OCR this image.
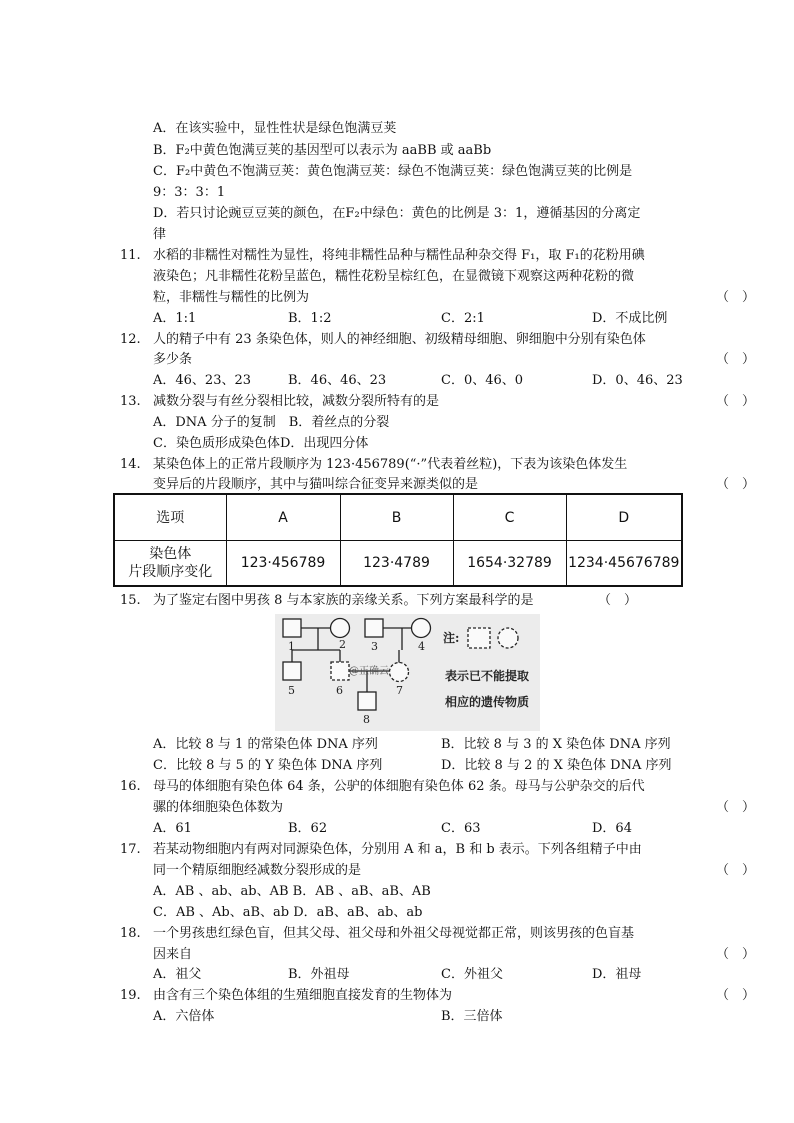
A．在该实验中，显性性状是绿色饱满豆荚
B．F₂中黄色饱满豆荚的基因型可以表示为 aaBB 或 aaBb
C．F₂中黄色不饱满豆荚：黄色饱满豆荚：绿色不饱满豆荚：绿色饱满豆荚的比例是
9：3：3：1
D．若只讨论豌豆豆荚的颜色，在F₂中绿色：黄色的比例是 3：1，遵循基因的分离定
律
11. 水稻的非糯性对糯性为显性，将纯非糯性品种与糯性品种杂交得 F₁，取 F₁的花粉用碘
液染色；凡非糯性花粉呈蓝色，糯性花粉呈棕红色，在显微镜下观察这两种花粉的微
粒，非糯性与糯性的比例为	（　）
A．1:1	B．1:2	C．2:1	D．不成比例
12. 人的精子中有 23 条染色体，则人的神经细胞、初级精母细胞、卵细胞中分别有染色体
多少条	（　）
A．46、23、23	B．46、46、23	C．0、46、0	D．0、46、23
13. 减数分裂与有丝分裂相比较，减数分裂所特有的是	（　）
A．DNA 分子的复制　B．着丝点的分裂
C．染色质形成染色体D．出现四分体
14. 某染色体上的正常片段顺序为 123·456789(“·”代表着丝粒)，下表为该染色体发生
变异后的片段顺序，其中与猫叫综合征变异来源类似的是	（　）
选项	A	B	C	D
染色体
片段顺序变化	123·456789	123·4789	1654·32789	1234·45676789
15. 为了鉴定右图中男孩 8 与本家族的亲缘关系。下列方案最科学的是	（　）
1	2 3	4
5	6	7
8
@正确云
注:
表示已不能提取
相应的遗传物质
A．比较 8 与 1 的常染色体 DNA 序列	B．比较 8 与 3 的 X 染色体 DNA 序列
C．比较 8 与 5 的 Y 染色体 DNA 序列	D．比较 8 与 2 的 X 染色体 DNA 序列
16. 母马的体细胞有染色体 64 条，公驴的体细胞有染色体 62 条。母马与公驴杂交的后代
骡的体细胞染色体数为	（　）
A．61	B．62	C．63	D．64
17. 若某动物细胞内有两对同源染色体，分别用 A 和 a，B 和 b 表示。下列各组精子中由
同一个精原细胞经减数分裂形成的是	（　）
A．AB 、ab、ab、AB B．AB 、aB、aB、AB
C．AB 、Ab、aB、ab D．aB、aB、ab、ab
18. 一个男孩患红绿色盲，但其父母、祖父母和外祖父母视觉都正常，则该男孩的色盲基
因来自	（　）
A．祖父	B．外祖母	C．外祖父	D．祖母
19. 由含有三个染色体组的生殖细胞直接发育的生物体为	（　）
A．六倍体	B．三倍体
